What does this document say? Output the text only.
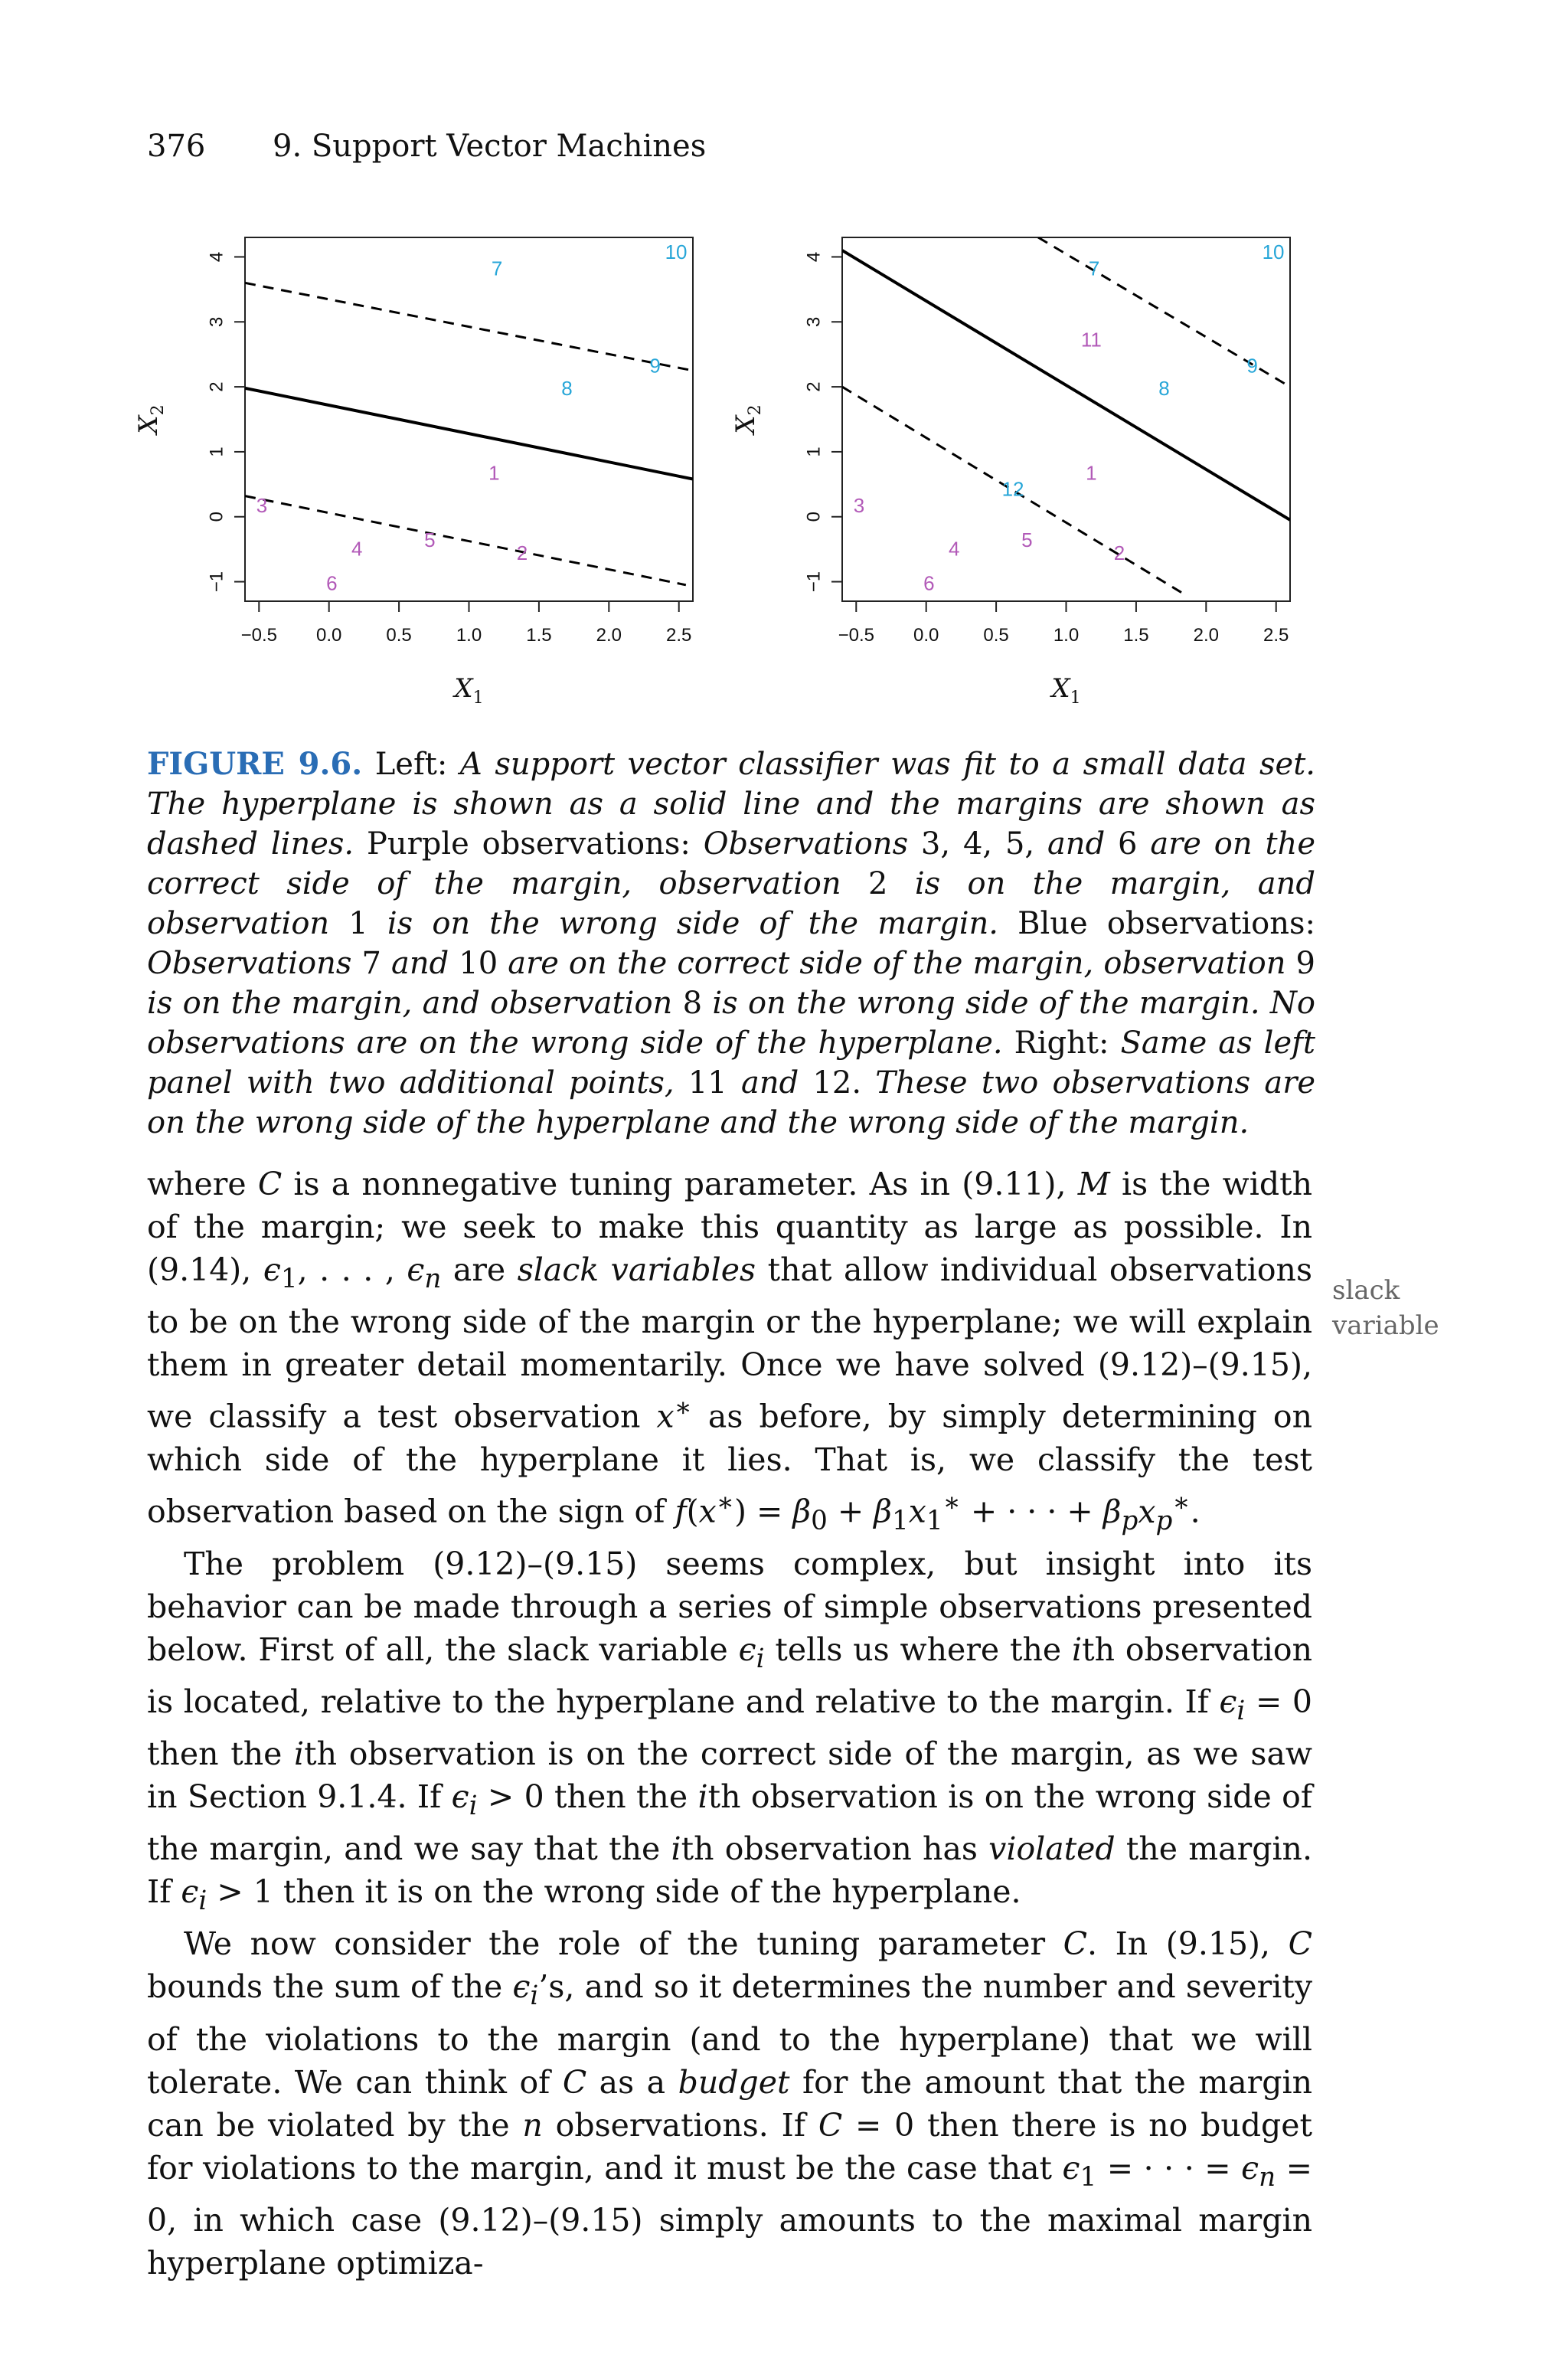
376 9. Support Vector Machines
−0.5 0.0 0.5 1.0 1.5 2.0 2.5
−1
0
1
2
3
4
$X_1$
$X_2$
1
2
3
4	5
6
7
8
9
10
−0.5 0.0 0.5 1.0 1.5 2.0 2.5
−1
0
1
2
3
4
$X_1$
$X_2$
1
2
3
4	5
6
7
8
9
10
11
12
FIGURE 9.6. Left: A support vector classifier was fit to a small data set. The hyperplane is shown as a solid line and the margins are shown as dashed lines. Purple observations: Observations 3, 4, 5, and 6 are on the correct side of the margin, observation 2 is on the margin, and observation 1 is on the wrong side of the margin. Blue observations: Observations 7 and 10 are on the correct side of the margin, observation 9 is on the margin, and observation 8 is on the wrong side of the margin. No observations are on the wrong side of the hyperplane. Right: Same as left panel with two additional points, 11 and 12. These two observations are on the wrong side of the hyperplane and the wrong side of the margin.

where C is a nonnegative tuning parameter. As in (9.11), M is the width of the margin; we seek to make this quantity as large as possible. In (9.14), $\epsilon_1$, . . . , $\epsilon_n$ are slack variables that allow individual observations to be on the wrong side of the margin or the hyperplane; we will explain them in greater detail momentarily. Once we have solved (9.12)–(9.15), we classify a test observation x∗ as before, by simply determining on which side of the hyperplane it lies. That is, we classify the test observation based on the sign of $f(x^∗) = \beta_0 + \beta_1x_1^∗$ + · · · + $\beta_px_p^∗$.

The problem (9.12)–(9.15) seems complex, but insight into its behavior can be made through a series of simple observations presented below. First of all, the slack variable $\epsilon_i$ tells us where the ith observation is located, relative to the hyperplane and relative to the margin. If $\epsilon_i = 0$ then the ith observation is on the correct side of the margin, as we saw in Section 9.1.4. If $\epsilon_i > 0$ then the ith observation is on the wrong side of the margin, and we say that the ith observation has violated the margin. If $\epsilon_i > 1$ then it is on the wrong side of the hyperplane.

We now consider the role of the tuning parameter C. In (9.15), C bounds the sum of the $\epsilon_i’s$, and so it determines the number and severity of the violations to the margin (and to the hyperplane) that we will tolerate. We can think of C as a budget for the amount that the margin can be violated by the n observations. If C = 0 then there is no budget for violations to the margin, and it must be the case that $\epsilon_1$ = · · · = $\epsilon_n = 0$, in which case (9.12)–(9.15) simply amounts to the maximal margin hyperplane optimiza-

slack
variable
